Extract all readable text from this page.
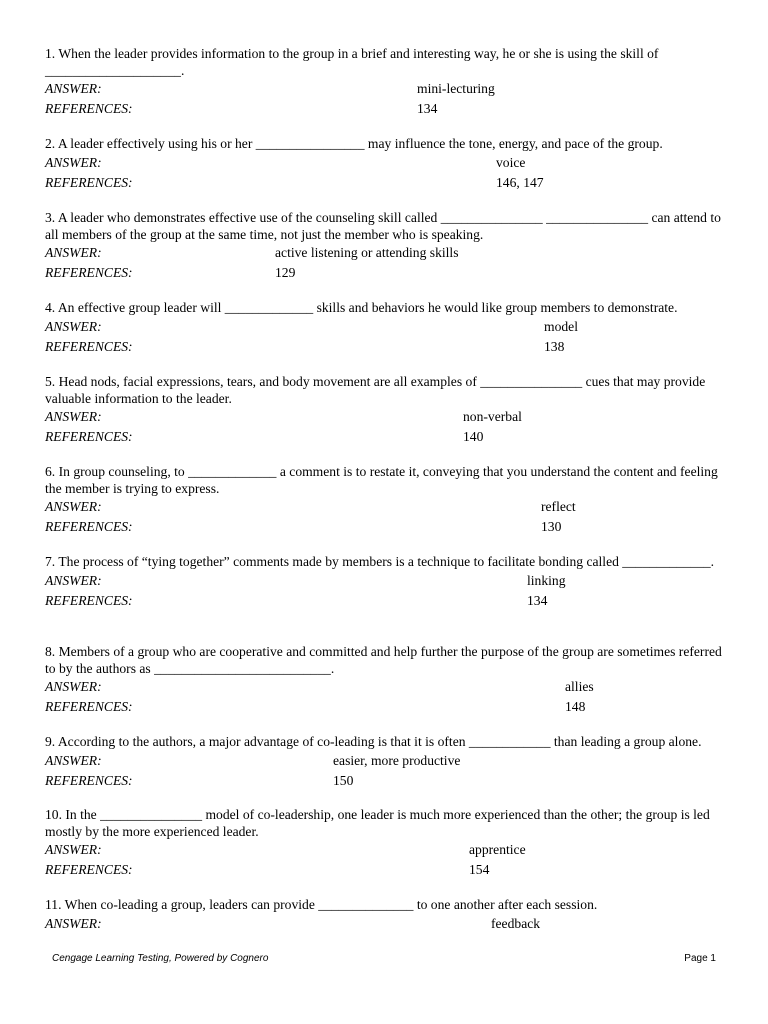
1. When the leader provides information to the group in a brief and interesting way, he or she is using the skill of ____________________.

ANSWER:	mini-lecturing
REFERENCES:	134

2. A leader effectively using his or her ________________ may influence the tone, energy, and pace of the group.

ANSWER:	voice
REFERENCES:	146, 147

3. A leader who demonstrates effective use of the counseling skill called _______________ _______________ can attend to all members of the group at the same time, not just the member who is speaking.

ANSWER:	active listening or attending skills
REFERENCES:	129

4. An effective group leader will _____________ skills and behaviors he would like group members to demonstrate.

ANSWER:	model
REFERENCES:	138

5. Head nods, facial expressions, tears, and body movement are all examples of _______________ cues that may provide valuable information to the leader.

ANSWER:	non-verbal
REFERENCES:	140

6. In group counseling, to _____________ a comment is to restate it, conveying that you understand the content and feeling the member is trying to express.

ANSWER:	reflect
REFERENCES:	130

7. The process of “tying together” comments made by members is a technique to facilitate bonding called _____________.

ANSWER:	linking
REFERENCES:	134

8. Members of a group who are cooperative and committed and help further the purpose of the group are sometimes referred to by the authors as __________________________.

ANSWER:	allies
REFERENCES:	148

9. According to the authors, a major advantage of co-leading is that it is often ____________ than leading a group alone.

ANSWER:	easier, more productive
REFERENCES:	150

10. In the _______________ model of co-leadership, one leader is much more experienced than the other; the group is led mostly by the more experienced leader.

ANSWER:	apprentice
REFERENCES:	154

11. When co-leading a group, leaders can provide ______________ to one another after each session.

ANSWER:	feedback
Cengage Learning Testing, Powered by Cognero	Page 1
